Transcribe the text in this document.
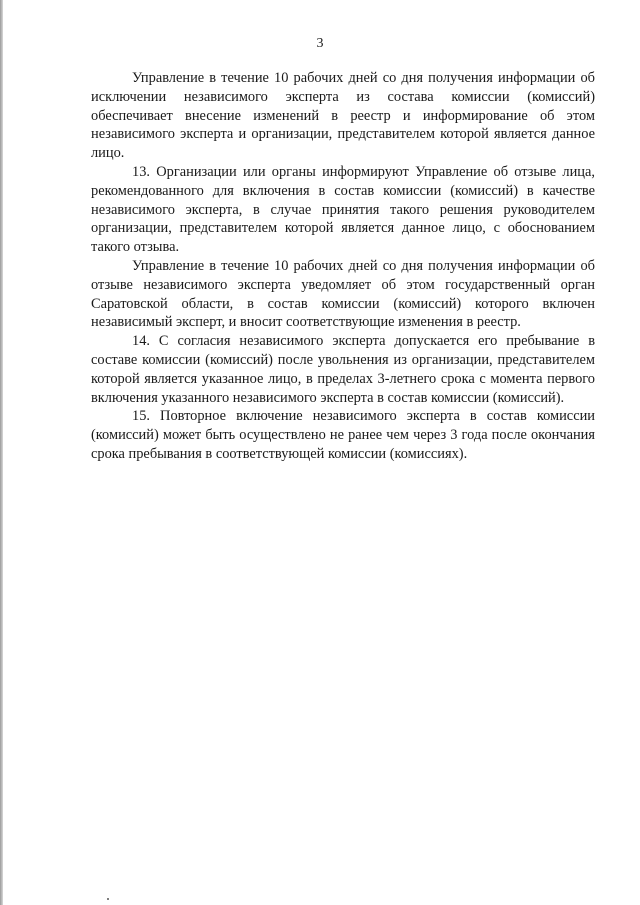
3

Управление в течение 10 рабочих дней со дня получения информации об исключении независимого эксперта из состава комиссии (комиссий) обеспечивает внесение изменений в реестр и информирование об этом независимого эксперта и организации, представителем которой является данное лицо.

13. Организации или органы информируют Управление об отзыве лица, рекомендованного для включения в состав комиссии (комиссий) в качестве независимого эксперта, в случае принятия такого решения руководителем организации, представителем которой является данное лицо, с обоснованием такого отзыва.

Управление в течение 10 рабочих дней со дня получения информации об отзыве независимого эксперта уведомляет об этом государственный орган Саратовской области, в состав комиссии (комиссий) которого включен независимый эксперт, и вносит соответствующие изменения в реестр.

14. С согласия независимого эксперта допускается его пребывание в составе комиссии (комиссий) после увольнения из организации, представителем которой является указанное лицо, в пределах 3-летнего срока с момента первого включения указанного независимого эксперта в состав комиссии (комиссий).

15. Повторное включение независимого эксперта в состав комиссии (комиссий) может быть осуществлено не ранее чем через 3 года после окончания срока пребывания в соответствующей комиссии (комиссиях).
